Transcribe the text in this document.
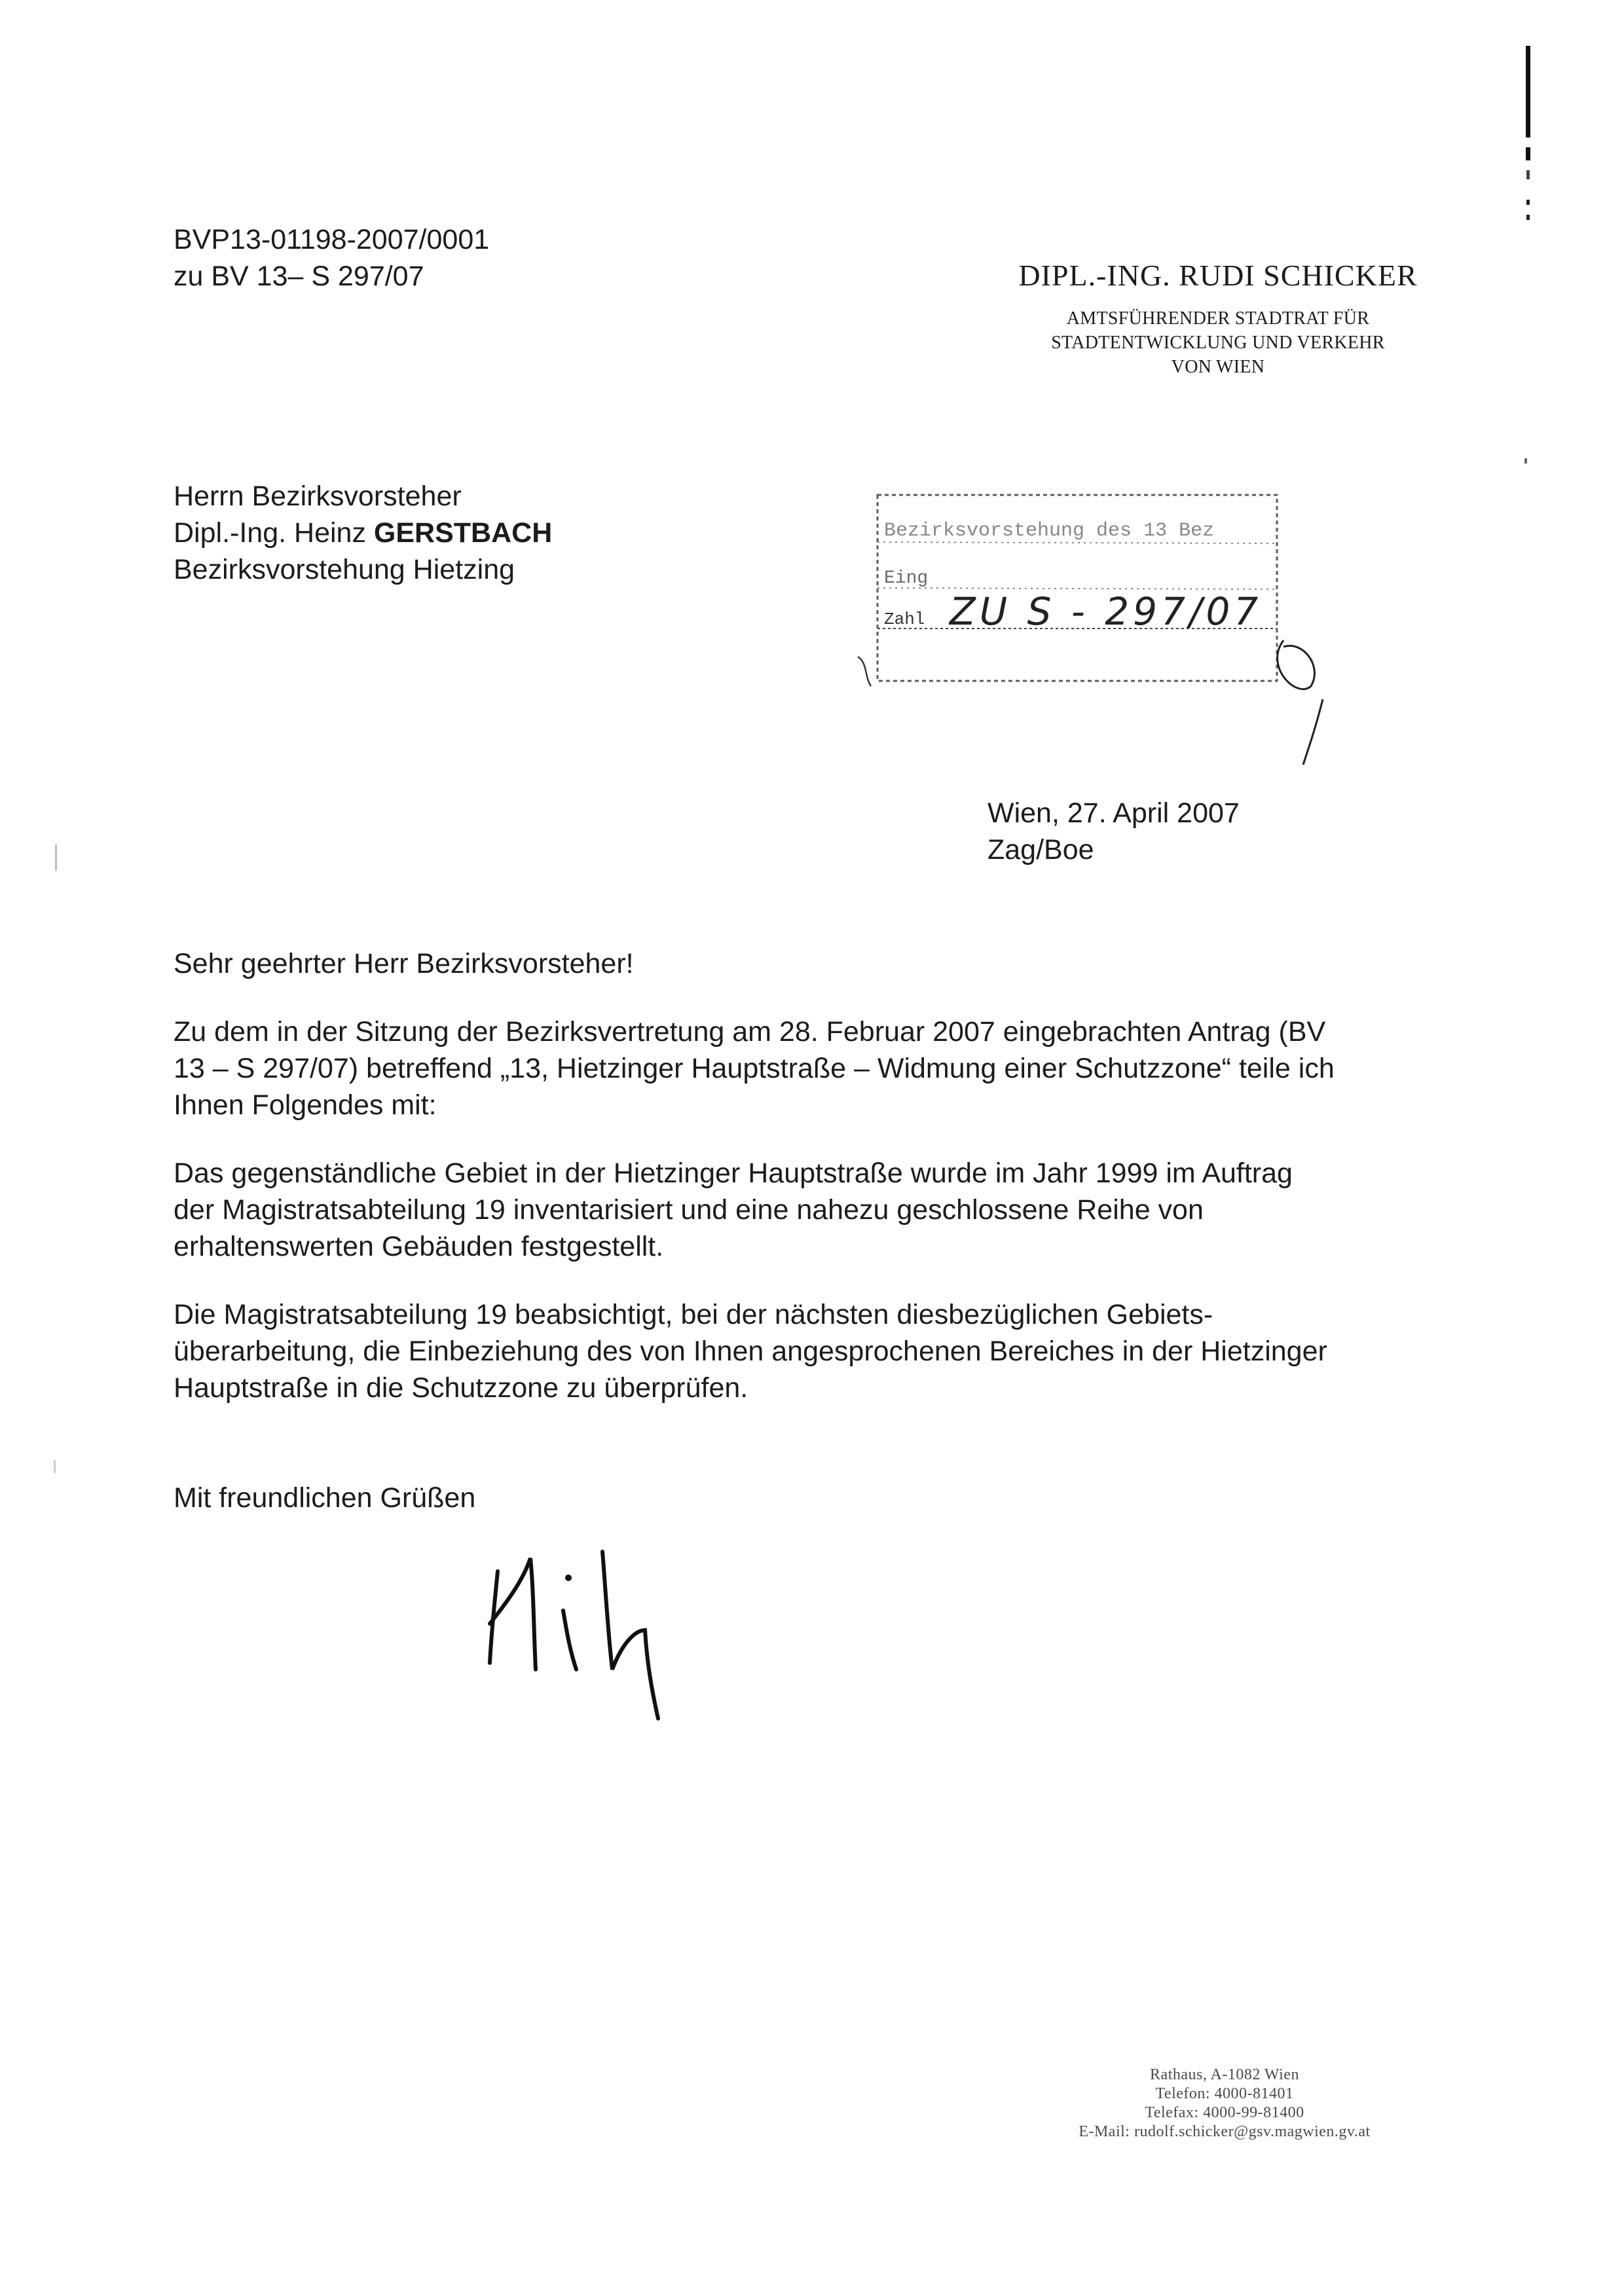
BVP13-01198-2007/0001
zu BV 13– S 297/07	DIPL.-ING. RUDI SCHICKER
AMTSFÜHRENDER STADTRAT FÜR
STADTENTWICKLUNG UND VERKEHR
VON WIEN
Herrn Bezirksvorsteher
Dipl.-Ing. Heinz GERSTBACH
Bezirksvorstehung Hietzing
Bezirksvorstehung des 13 Bez
Eing
Zahl ZU S - 297/07
Wien, 27. April 2007
Zag/Boe
Sehr geehrter Herr Bezirksvorsteher!
Zu dem in der Sitzung der Bezirksvertretung am 28. Februar 2007 eingebrachten Antrag (BV 13 – S 297/07) betreffend „13, Hietzinger Hauptstraße – Widmung einer Schutzzone“ teile ich Ihnen Folgendes mit:
Das gegenständliche Gebiet in der Hietzinger Hauptstraße wurde im Jahr 1999 im Auftrag der Magistratsabteilung 19 inventarisiert und eine nahezu geschlossene Reihe von erhaltenswerten Gebäuden festgestellt.
Die Magistratsabteilung 19 beabsichtigt, bei der nächsten diesbezüglichen Gebiets-überarbeitung, die Einbeziehung des von Ihnen angesprochenen Bereiches in der Hietzinger Hauptstraße in die Schutzzone zu überprüfen.
Mit freundlichen Grüßen
Rathaus, A-1082 Wien
Telefon: 4000-81401
Telefax: 4000-99-81400
E-Mail: rudolf.schicker@gsv.magwien.gv.at
